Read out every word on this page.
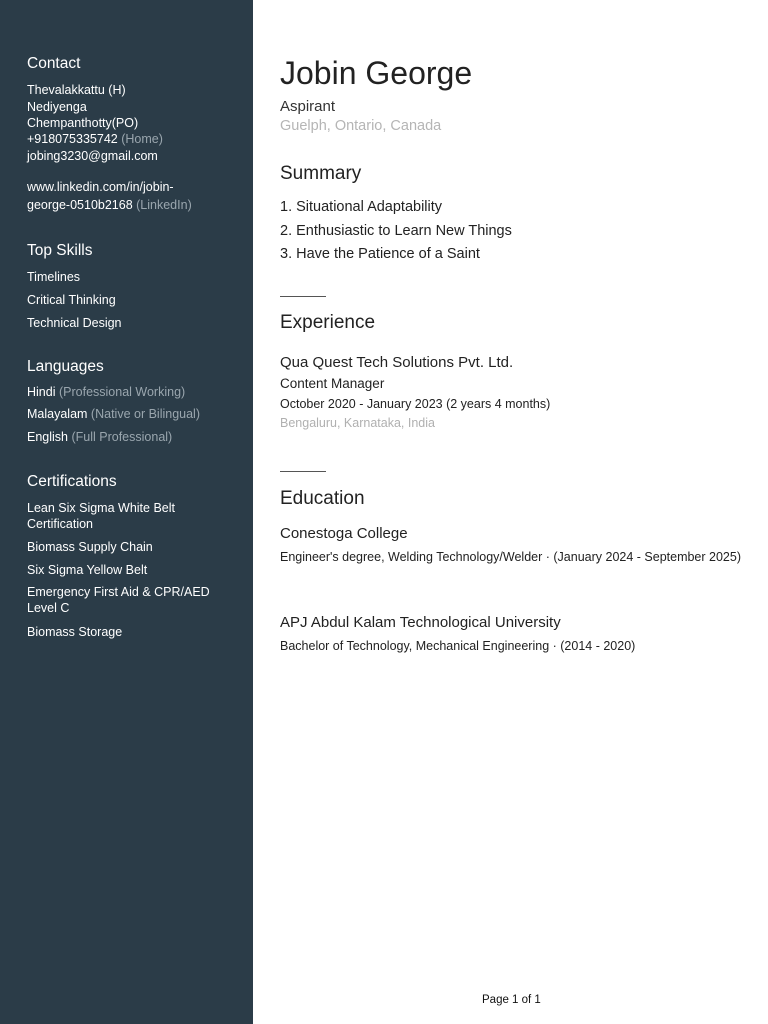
Contact
Thevalakkattu (H)
Nediyenga
Chempanthotty(PO)
+918075335742 (Home)
jobing3230@gmail.com
www.linkedin.com/in/jobin-
george-0510b2168 (LinkedIn)
Top Skills
Timelines
Critical Thinking
Technical Design
Languages
Hindi (Professional Working)
Malayalam (Native or Bilingual)
English (Full Professional)
Certifications
Lean Six Sigma White Belt
Certification
Biomass Supply Chain
Six Sigma Yellow Belt
Emergency First Aid & CPR/AED
Level C
Biomass Storage
Jobin George
Aspirant
Guelph, Ontario, Canada
Summary
1. Situational Adaptability
2. Enthusiastic to Learn New Things
3. Have the Patience of a Saint
Experience
Qua Quest Tech Solutions Pvt. Ltd.
Content Manager
October 2020 - January 2023 (2 years 4 months)
Bengaluru, Karnataka, India
Education
Conestoga College
Engineer's degree, Welding Technology/Welder · (January 2024 - September 2025)
APJ Abdul Kalam Technological University
Bachelor of Technology, Mechanical Engineering · (2014 - 2020)
Page 1 of 1
